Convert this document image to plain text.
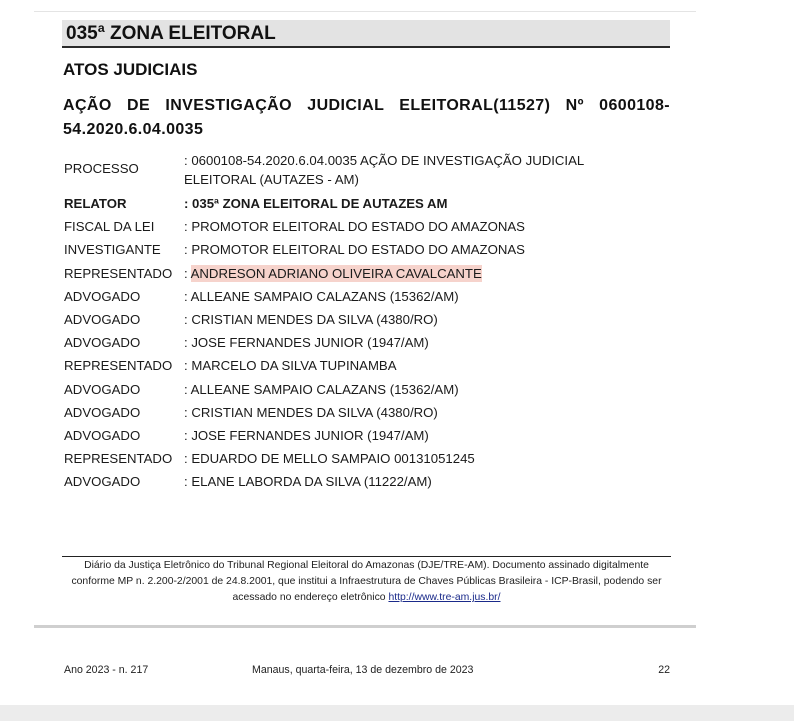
035ª ZONA ELEITORAL
ATOS JUDICIAIS
AÇÃO DE INVESTIGAÇÃO JUDICIAL ELEITORAL(11527) Nº 0600108-54.2020.6.04.0035
PROCESSO
: 0600108-54.2020.6.04.0035 AÇÃO DE INVESTIGAÇÃO JUDICIAL ELEITORAL (AUTAZES - AM)
RELATOR	: 035ª ZONA ELEITORAL DE AUTAZES AM
FISCAL DA LEI : PROMOTOR ELEITORAL DO ESTADO DO AMAZONAS
INVESTIGANTE : PROMOTOR ELEITORAL DO ESTADO DO AMAZONAS
REPRESENTADO : ANDRESON ADRIANO OLIVEIRA CAVALCANTE
ADVOGADO	: ALLEANE SAMPAIO CALAZANS (15362/AM)
ADVOGADO	: CRISTIAN MENDES DA SILVA (4380/RO)
ADVOGADO	: JOSE FERNANDES JUNIOR (1947/AM)
REPRESENTADO : MARCELO DA SILVA TUPINAMBA
ADVOGADO	: ALLEANE SAMPAIO CALAZANS (15362/AM)
ADVOGADO	: CRISTIAN MENDES DA SILVA (4380/RO)
ADVOGADO	: JOSE FERNANDES JUNIOR (1947/AM)
REPRESENTADO : EDUARDO DE MELLO SAMPAIO 00131051245
ADVOGADO	: ELANE LABORDA DA SILVA (11222/AM)
Diário da Justiça Eletrônico do Tribunal Regional Eleitoral do Amazonas (DJE/TRE-AM). Documento assinado digitalmente conforme MP n. 2.200-2/2001 de 24.8.2001, que institui a Infraestrutura de Chaves Públicas Brasileira - ICP-Brasil, podendo ser acessado no endereço eletrônico http://www.tre-am.jus.br/
Ano 2023 - n. 217	Manaus, quarta-feira, 13 de dezembro de 2023	22
